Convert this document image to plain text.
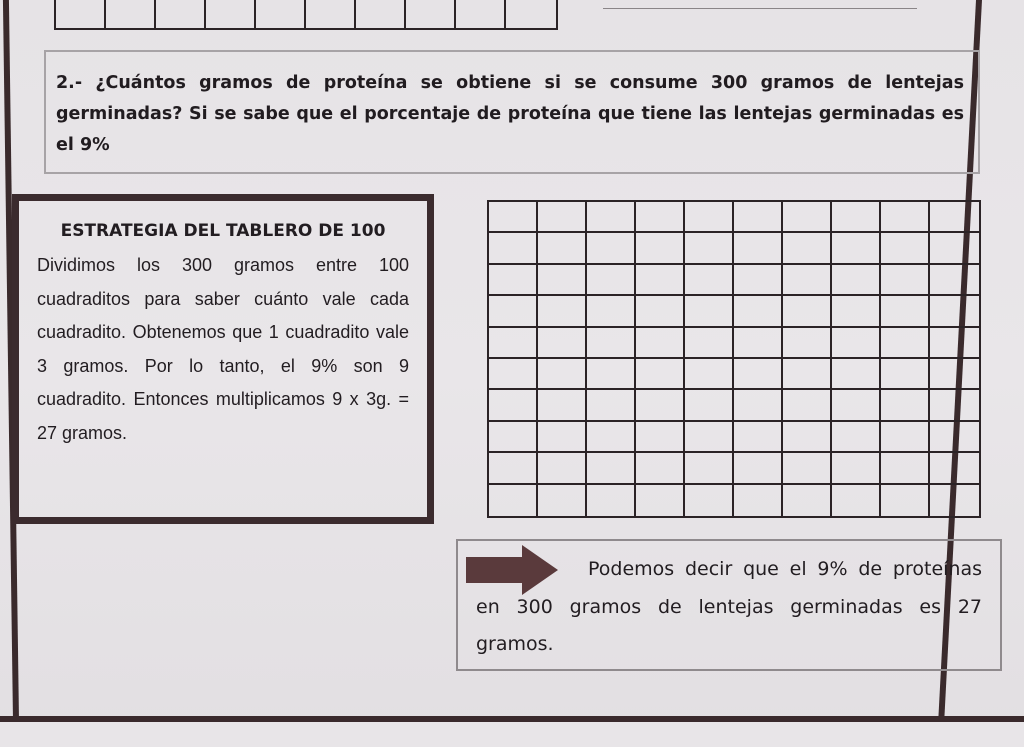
2.- ¿Cuántos gramos de proteína se obtiene si se consume 300 gramos de lentejas germinadas? Si se sabe que el porcentaje de proteína que tiene las lentejas germinadas es el 9%
ESTRATEGIA DEL TABLERO DE 100
Dividimos los 300 gramos entre 100 cuadraditos para saber cuánto vale cada cuadradito. Obtenemos que 1 cuadradito vale 3 gramos. Por lo tanto, el 9% son 9 cuadradito. Entonces multiplicamos 9 x 3g. = 27 gramos.
Podemos decir que el 9% de proteínas en 300 gramos de lentejas germinadas es 27 gramos.
